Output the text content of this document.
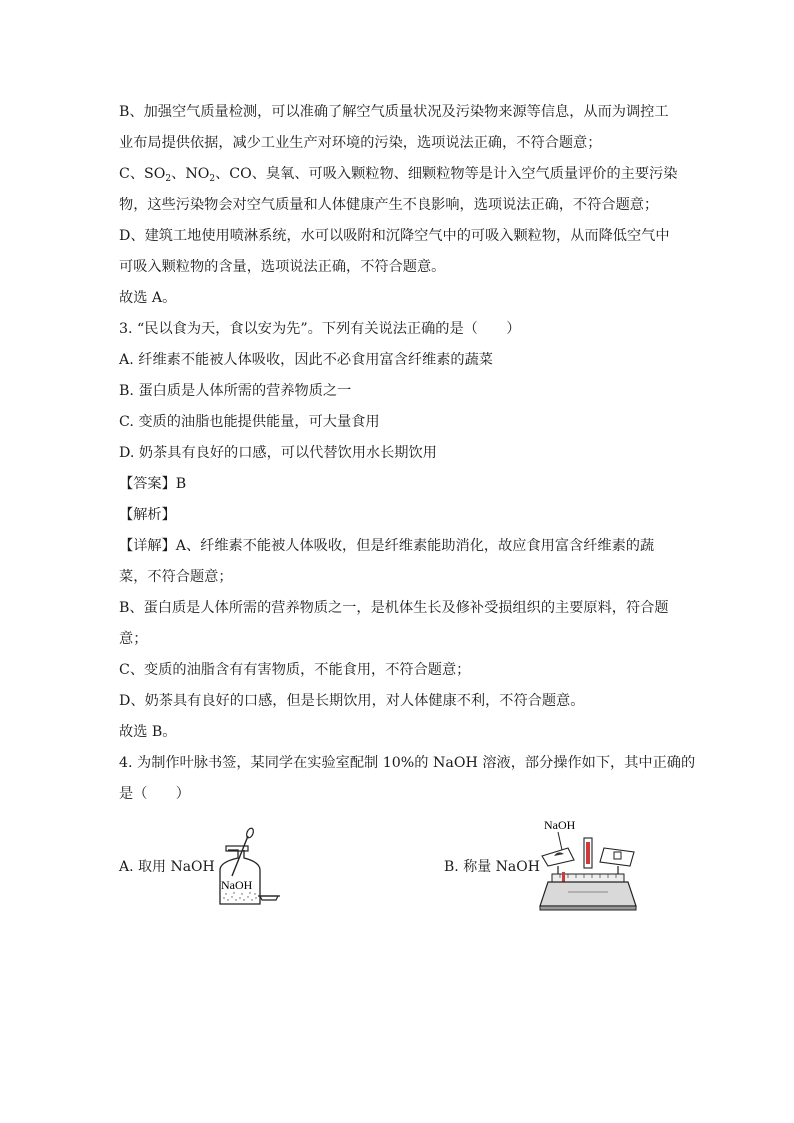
B、加强空气质量检测，可以准确了解空气质量状况及污染物来源等信息，从而为调控工
业布局提供依据，减少工业生产对环境的污染，选项说法正确，不符合题意；
物，这些污染物会对空气质量和人体健康产生不良影响，选项说法正确，不符合题意；
D、建筑工地使用喷淋系统，水可以吸附和沉降空气中的可吸入颗粒物，从而降低空气中
可吸入颗粒物的含量，选项说法正确，不符合题意。
故选 A。
3. “民以食为天，食以安为先”。下列有关说法正确的是（　　）
A. 纤维素不能被人体吸收，因此不必食用富含纤维素的蔬菜
B. 蛋白质是人体所需的营养物质之一
C. 变质的油脂也能提供能量，可大量食用
D. 奶茶具有良好的口感，可以代替饮用水长期饮用
【答案】B
【解析】
【详解】A、纤维素不能被人体吸收，但是纤维素能助消化，故应食用富含纤维素的蔬
菜，不符合题意；
B、蛋白质是人体所需的营养物质之一，是机体生长及修补受损组织的主要原料，符合题
意；
C、变质的油脂含有有害物质，不能食用，不符合题意；
D、奶茶具有良好的口感，但是长期饮用，对人体健康不利，不符合题意。
故选 B。
4. 为制作叶脉书签，某同学在实验室配制 10%的 NaOH 溶液，部分操作如下，其中正确的
是（　　）
C、$SO_2$、$NO_2$、CO、臭氧、可吸入颗粒物、细颗粒物等是计入空气质量评价的主要污染
A. 取用 NaOH
NaOH
B. 称量 NaOH
NaOH
